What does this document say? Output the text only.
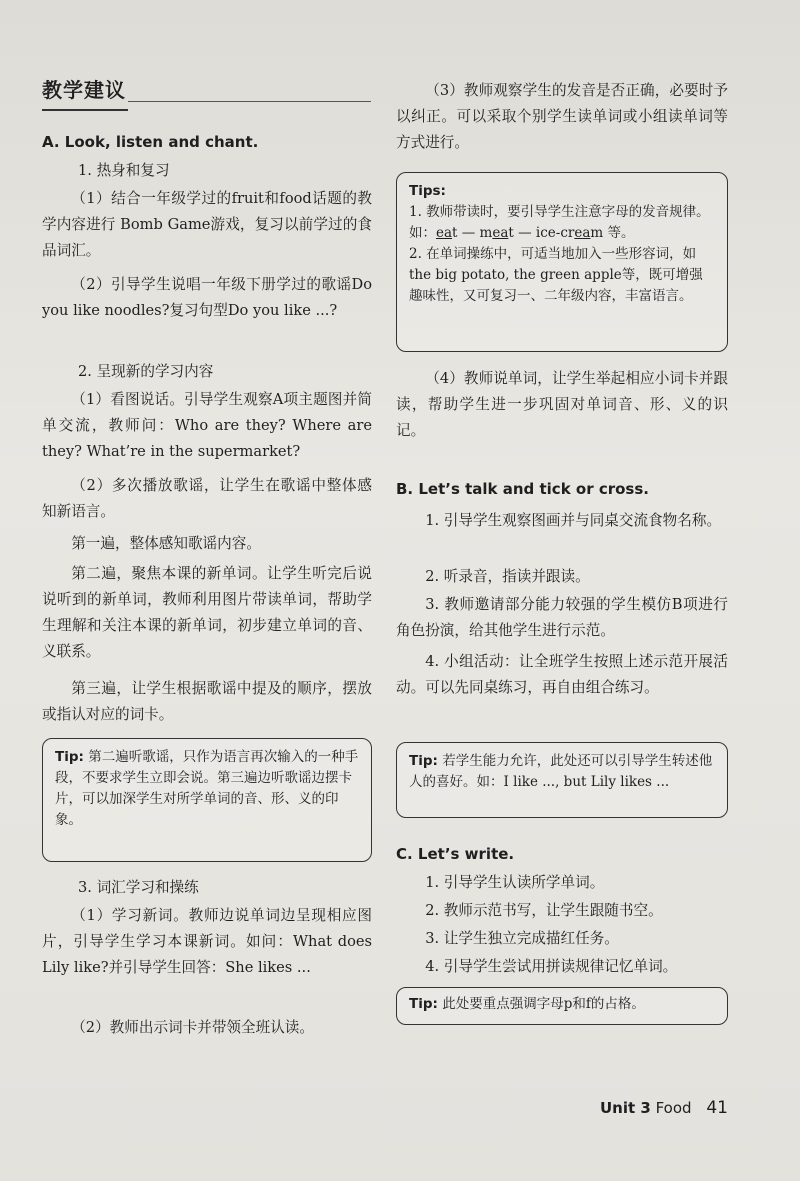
教学建议
A. Look, listen and chant.
1. 热身和复习
（1）结合一年级学过的fruit和food话题的教学内容进行 Bomb Game游戏，复习以前学过的食品词汇。
（2）引导学生说唱一年级下册学过的歌谣Do you like noodles?复习句型Do you like ...?
2. 呈现新的学习内容
（1）看图说话。引导学生观察A项主题图并简单交流，教师问：Who are they? Where are they? What’re in the supermarket?
（2）多次播放歌谣，让学生在歌谣中整体感知新语言。
第一遍，整体感知歌谣内容。
第二遍，聚焦本课的新单词。让学生听完后说说听到的新单词，教师利用图片带读单词，帮助学生理解和关注本课的新单词，初步建立单词的音、义联系。
第三遍，让学生根据歌谣中提及的顺序，摆放或指认对应的词卡。
Tip: 第二遍听歌谣，只作为语言再次输入的一种手段，不要求学生立即会说。第三遍边听歌谣边摆卡片，可以加深学生对所学单词的音、形、义的印象。
3. 词汇学习和操练
（1）学习新词。教师边说单词边呈现相应图片，引导学生学习本课新词。如问：What does Lily like?并引导学生回答：She likes ...
（2）教师出示词卡并带领全班认读。
（3）教师观察学生的发音是否正确，必要时予以纠正。可以采取个别学生读单词或小组读单词等方式进行。
Tips:
1. 教师带读时，要引导学生注意字母的发音规律。如：eat — meat — ice-cream 等。
2. 在单词操练中，可适当地加入一些形容词，如the big potato, the green apple等，既可增强趣味性，又可复习一、二年级内容，丰富语言。
（4）教师说单词，让学生举起相应小词卡并跟读，帮助学生进一步巩固对单词音、形、义的识记。
B. Let’s talk and tick or cross.
1. 引导学生观察图画并与同桌交流食物名称。
2. 听录音，指读并跟读。
3. 教师邀请部分能力较强的学生模仿B项进行角色扮演，给其他学生进行示范。
4. 小组活动：让全班学生按照上述示范开展活动。可以先同桌练习，再自由组合练习。
Tip: 若学生能力允许，此处还可以引导学生转述他人的喜好。如：I like ..., but Lily likes ...
C. Let’s write.
1. 引导学生认读所学单词。
2. 教师示范书写，让学生跟随书空。
3. 让学生独立完成描红任务。
4. 引导学生尝试用拼读规律记忆单词。
Tip: 此处要重点强调字母p和f的占格。
Unit 3 Food 41
